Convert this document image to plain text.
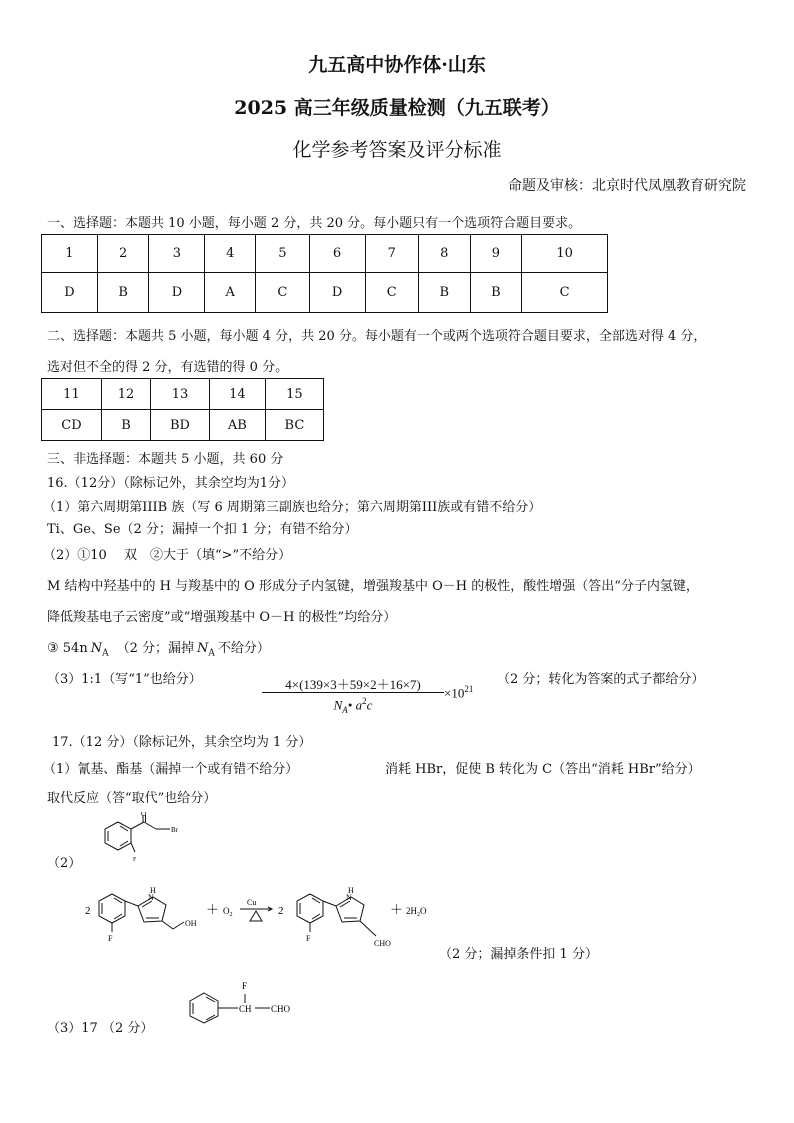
九五高中协作体·山东
2025 高三年级质量检测（九五联考）
化学参考答案及评分标准
命题及审核：北京时代凤凰教育研究院
一、选择题：本题共 10 小题，每小题 2 分，共 20 分。每小题只有一个选项符合题目要求。
1	2	3	4	5	6	7	8	9	10
D	B	D	A	C	D	C	B	B	C
二、选择题：本题共 5 小题，每小题 4 分，共 20 分。每小题有一个或两个选项符合题目要求，全部选对得 4 分，
选对但不全的得 2 分，有选错的得 0 分。
11	12	13	14	15
CD	B	BD	AB	BC
三、非选择题：本题共 5 小题，共 60 分
16.（12分）（除标记外，其余空均为1分）
（1）第六周期第IIIB 族（写 6 周期第三副族也给分；第六周期第III族或有错不给分）
Ti、Ge、Se（2 分；漏掉一个扣 1 分；有错不给分）
（2）①10　 双　②大于（填“>”不给分）
M 结构中羟基中的 H 与羧基中的 O 形成分子内氢键，增强羧基中 O－H 的极性，酸性增强（答出“分子内氢键，
降低羧基电子云密度”或“增强羧基中 O－H 的极性”均给分）
③ 54n $N_A$ （2 分；漏掉 $N_A$ 不给分）
（3）1:1（写“1”也给分）	4×(139×3＋59×2＋16×7)
$N_A•$ $a^2c$
$\times 10^{21}$
（2 分；转化为答案的式子都给分）
17.（12 分）（除标记外，其余空均为 1 分）
（1）氰基、酯基（漏掉一个或有错不给分）	消耗 HBr，促使 B 转化为 C（答出“消耗 HBr”给分）
取代反应（答“取代”也给分）
（2）
O
Br
F
2
H
N
F
OH
＋ $O_2$
Cu
2
H
N
F
CHO
＋ $2H_2O$
（2 分；漏掉条件扣 1 分）
（3）17 （2 分）
F
CH CHO
